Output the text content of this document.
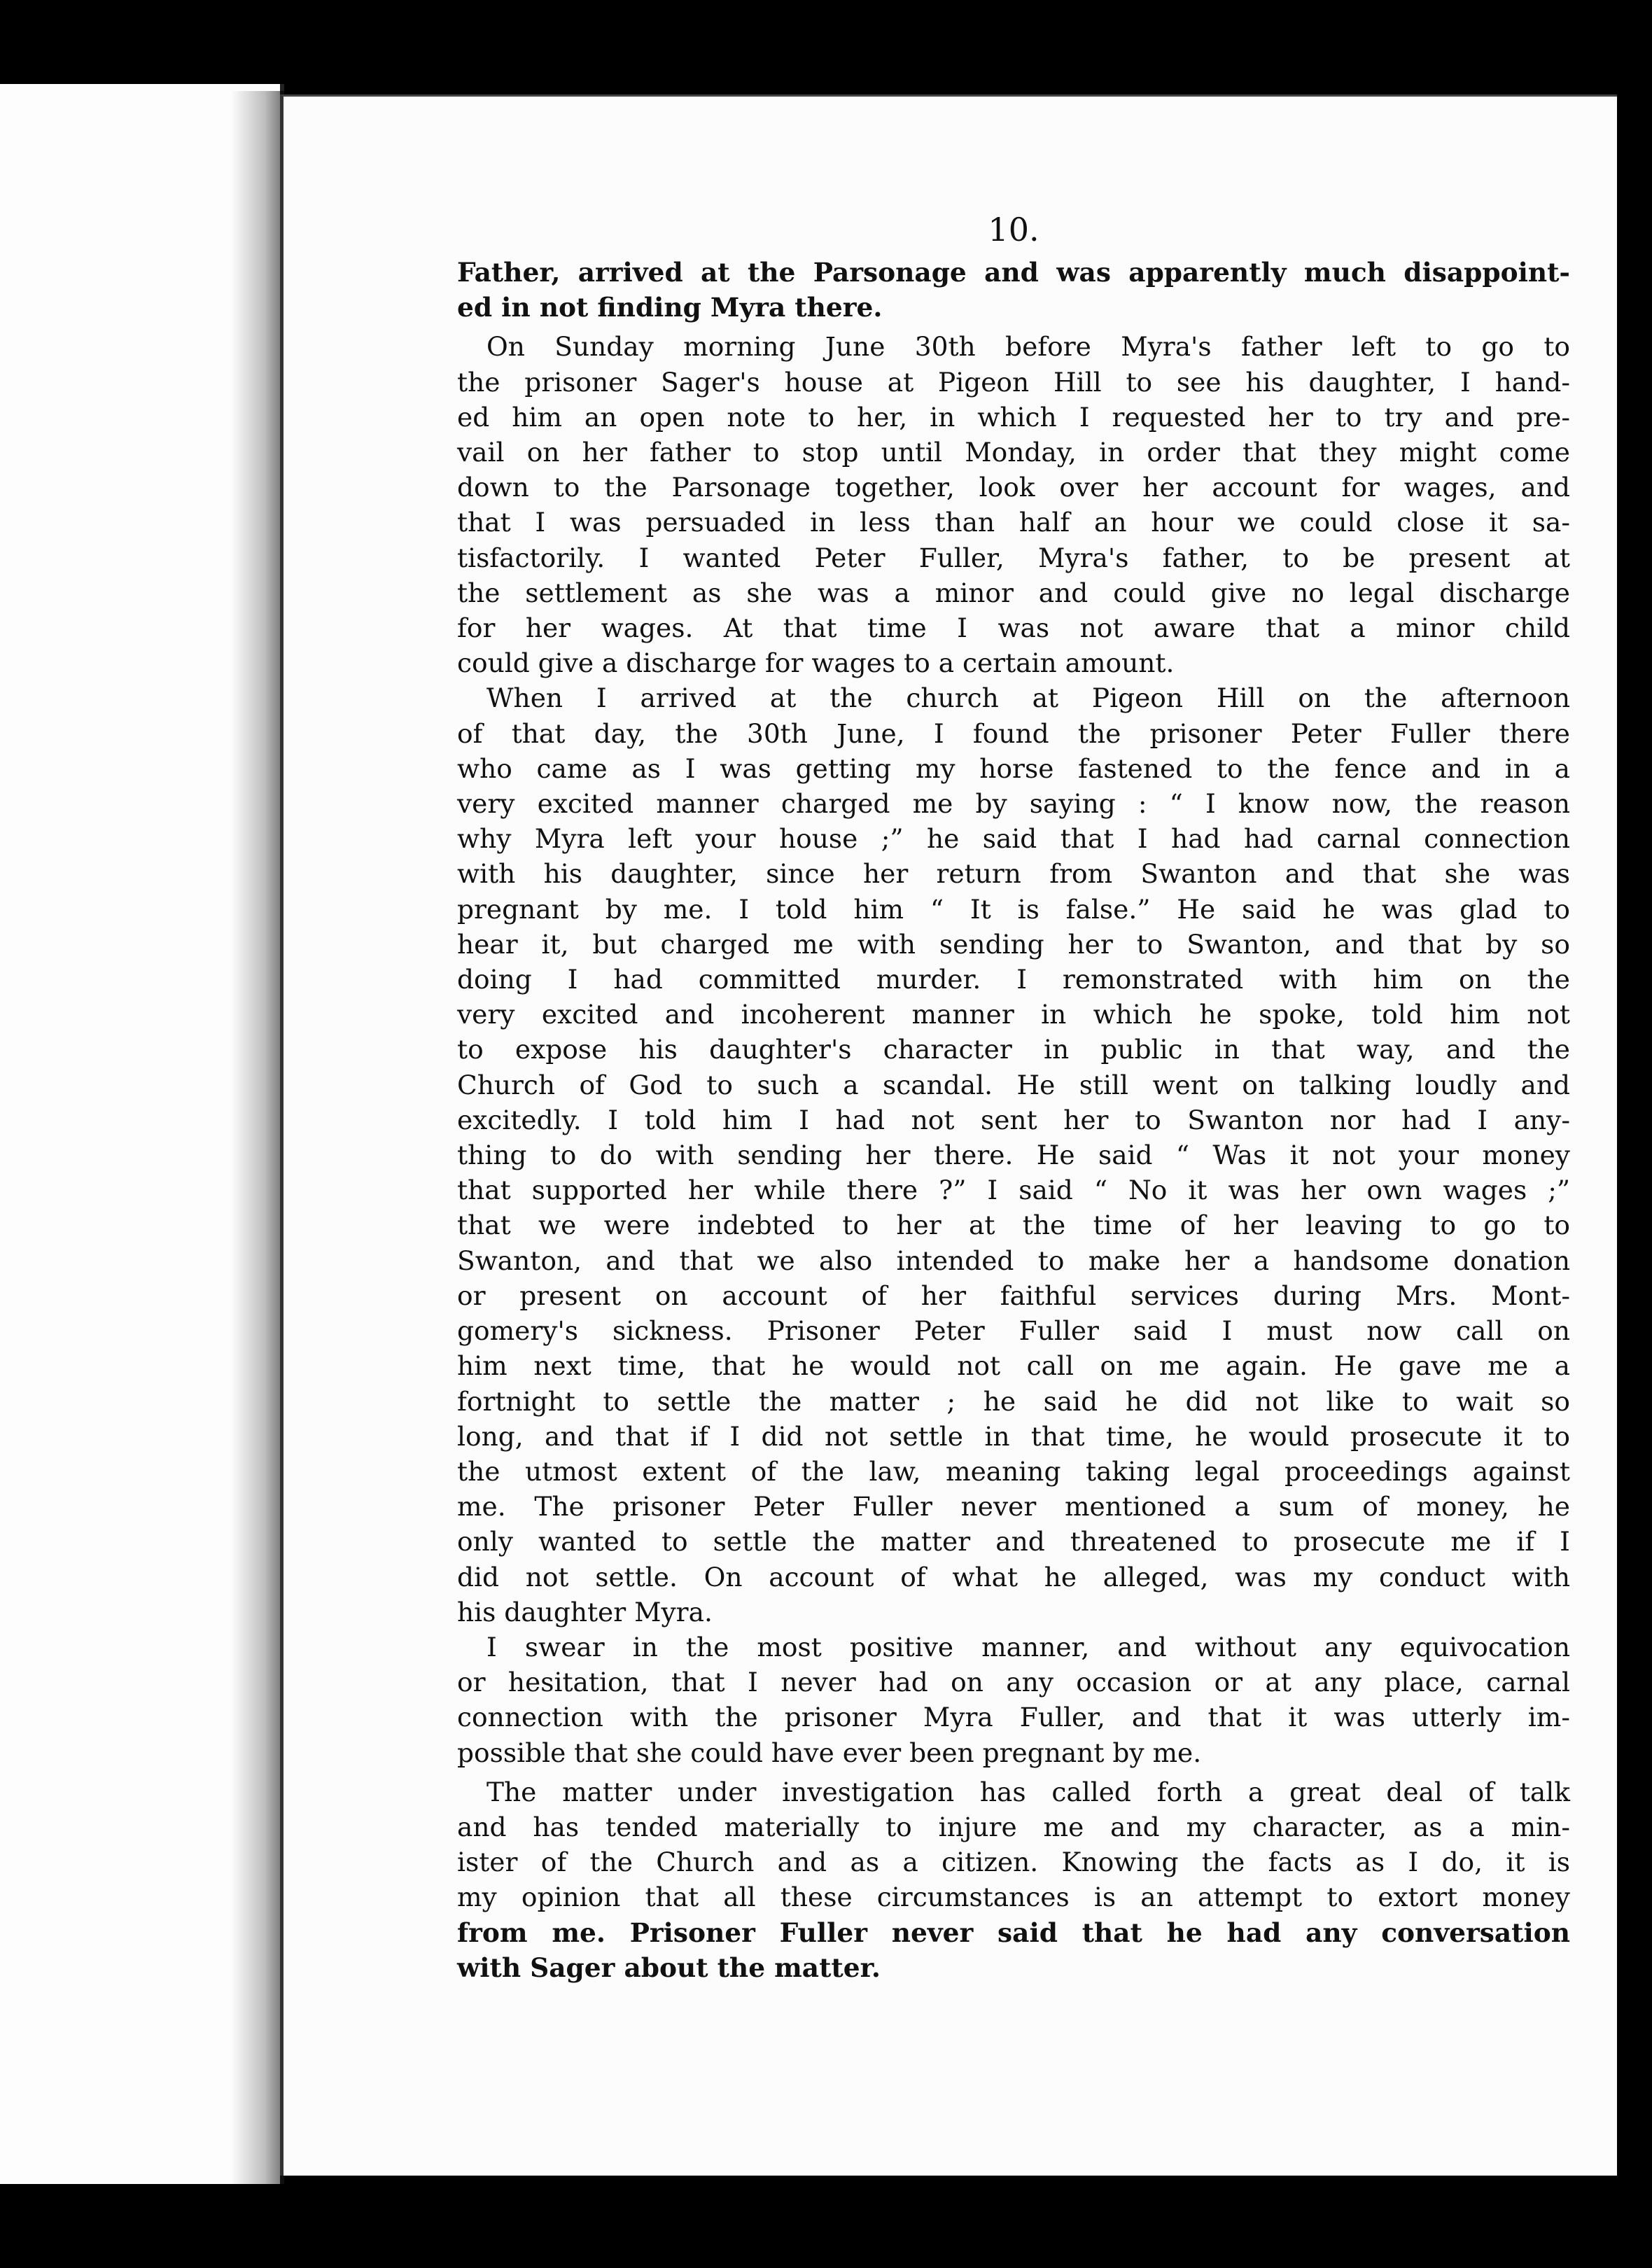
10.

Father, arrived at the Parsonage and was apparently much disappoint-
ed in not finding Myra there.

On Sunday morning June 30th before Myra's father left to go to
the prisoner Sager's house at Pigeon Hill to see his daughter, I hand-
ed him an open note to her, in which I requested her to try and pre-
vail on her father to stop until Monday, in order that they might come
down to the Parsonage together, look over her account for wages, and
that I was persuaded in less than half an hour we could close it sa-
tisfactorily. I wanted Peter Fuller, Myra's father, to be present at
the settlement as she was a minor and could give no legal discharge
for her wages. At that time I was not aware that a minor child
could give a discharge for wages to a certain amount.

When I arrived at the church at Pigeon Hill on the afternoon
of that day, the 30th June, I found the prisoner Peter Fuller there
who came as I was getting my horse fastened to the fence and in a
very excited manner charged me by saying : “ I know now, the reason
why Myra left your house ;” he said that I had had carnal connection
with his daughter, since her return from Swanton and that she was
pregnant by me. I told him “ It is false.” He said he was glad to
hear it, but charged me with sending her to Swanton, and that by so
doing I had committed murder. I remonstrated with him on the
very excited and incoherent manner in which he spoke, told him not
to expose his daughter's character in public in that way, and the
Church of God to such a scandal. He still went on talking loudly and
excitedly. I told him I had not sent her to Swanton nor had I any-
thing to do with sending her there. He said “ Was it not your money
that supported her while there ?” I said “ No it was her own wages ;”
that we were indebted to her at the time of her leaving to go to
Swanton, and that we also intended to make her a handsome donation
or present on account of her faithful services during Mrs. Mont-
gomery's sickness. Prisoner Peter Fuller said I must now call on
him next time, that he would not call on me again. He gave me a
fortnight to settle the matter ; he said he did not like to wait so
long, and that if I did not settle in that time, he would prosecute it to
the utmost extent of the law, meaning taking legal proceedings against
me. The prisoner Peter Fuller never mentioned a sum of money, he
only wanted to settle the matter and threatened to prosecute me if I
did not settle. On account of what he alleged, was my conduct with
his daughter Myra.

I swear in the most positive manner, and without any equivocation
or hesitation, that I never had on any occasion or at any place, carnal
connection with the prisoner Myra Fuller, and that it was utterly im-
possible that she could have ever been pregnant by me.

The matter under investigation has called forth a great deal of talk
and has tended materially to injure me and my character, as a min-
ister of the Church and as a citizen. Knowing the facts as I do, it is
my opinion that all these circumstances is an attempt to extort money
from me. Prisoner Fuller never said that he had any conversation
with Sager about the matter.
